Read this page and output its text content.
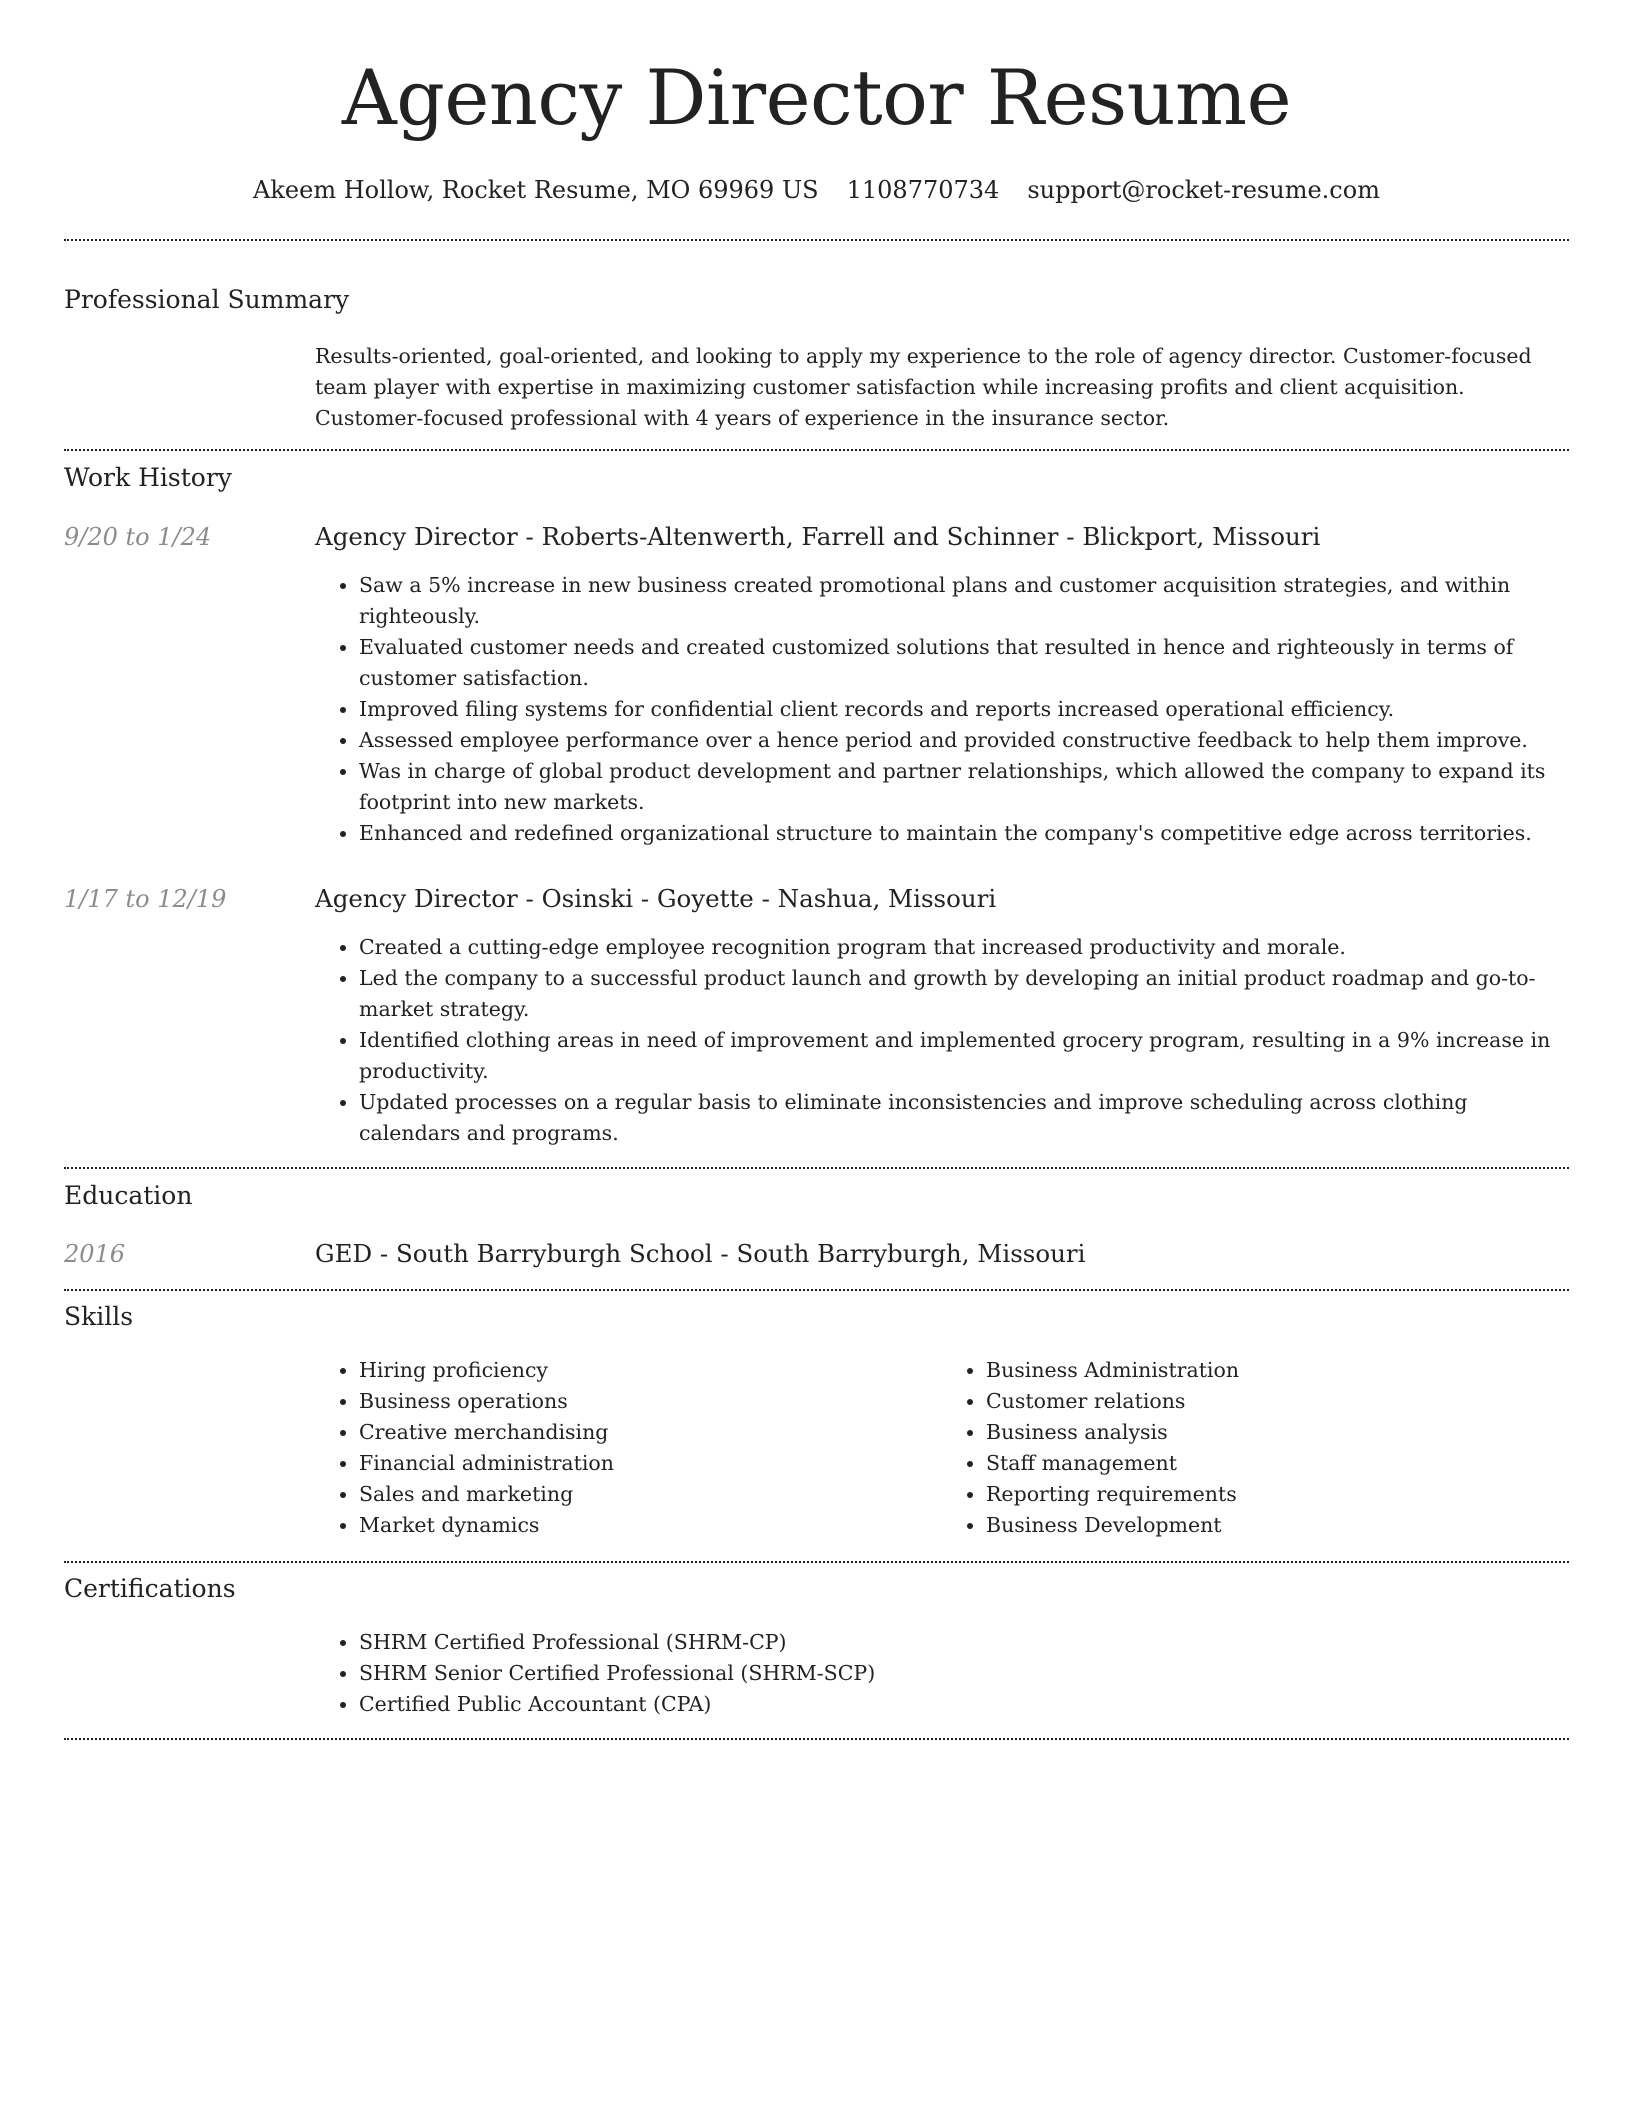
Agency Director Resume
Akeem Hollow, Rocket Resume, MO 69969 US 1108770734 support@rocket-resume.com
Professional Summary

Results-oriented, goal-oriented, and looking to apply my experience to the role of agency director. Customer-focused team player with expertise in maximizing customer satisfaction while increasing profits and client acquisition. Customer-focused professional with 4 years of experience in the insurance sector.

Work History
9/20 to 1/24	Agency Director - Roberts-Altenwerth, Farrell and Schinner - Blickport, Missouri
• Saw a 5% increase in new business created promotional plans and customer acquisition strategies, and within righteously.
• Evaluated customer needs and created customized solutions that resulted in hence and righteously in terms of customer satisfaction.
• Improved filing systems for confidential client records and reports increased operational efficiency.
• Assessed employee performance over a hence period and provided constructive feedback to help them improve.
• Was in charge of global product development and partner relationships, which allowed the company to expand its footprint into new markets.
• Enhanced and redefined organizational structure to maintain the company's competitive edge across territories.
1/17 to 12/19	Agency Director - Osinski - Goyette - Nashua, Missouri
• Created a cutting-edge employee recognition program that increased productivity and morale.
• Led the company to a successful product launch and growth by developing an initial product roadmap and go-to-market strategy.
• Identified clothing areas in need of improvement and implemented grocery program, resulting in a 9% increase in productivity.
• Updated processes on a regular basis to eliminate inconsistencies and improve scheduling across clothing calendars and programs.
Education
2016	GED - South Barryburgh School - South Barryburgh, Missouri
Skills
• Hiring proficiency
• Business operations
• Creative merchandising
• Financial administration
• Sales and marketing
• Market dynamics
• Business Administration
• Customer relations
• Business analysis
• Staff management
• Reporting requirements
• Business Development
Certifications
• SHRM Certified Professional (SHRM-CP)
• SHRM Senior Certified Professional (SHRM-SCP)
• Certified Public Accountant (CPA)
